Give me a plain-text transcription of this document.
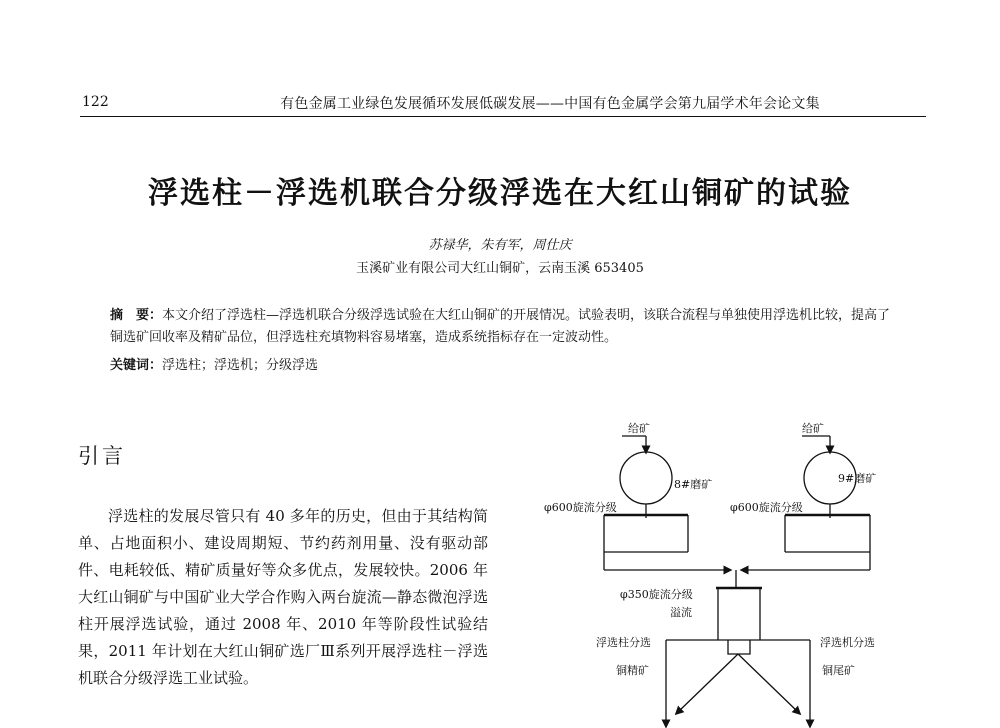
122	有色金属工业绿色发展循环发展低碳发展——中国有色金属学会第九届学术年会论文集
浮选柱－浮选机联合分级浮选在大红山铜矿的试验
苏禄华，朱有军，周仕庆
玉溪矿业有限公司大红山铜矿，云南玉溪 653405
摘　要：本文介绍了浮选柱—浮选机联合分级浮选试验在大红山铜矿的开展情况。试验表明，该联合流程与单独使用浮选机比较，提高了铜选矿回收率及精矿品位，但浮选柱充填物料容易堵塞，造成系统指标存在一定波动性。
关键词：浮选柱；浮选机；分级浮选
引言
浮选柱的发展尽管只有 40 多年的历史，但由于其结构简单、占地面积小、建设周期短、节约药剂用量、没有驱动部件、电耗较低、精矿质量好等众多优点，发展较快。2006 年大红山铜矿与中国矿业大学合作购入两台旋流—静态微泡浮选柱开展浮选试验，通过 2008 年、2010 年等阶段性试验结果，2011 年计划在大红山铜矿选厂Ⅲ系列开展浮选柱－浮选机联合分级浮选工业试验。
给矿	给矿
8#磨矿	9#磨矿
φ600旋流分级	φ600旋流分级
φ350旋流分级
溢流
浮选柱分选	浮选机分选
铜精矿	铜尾矿
